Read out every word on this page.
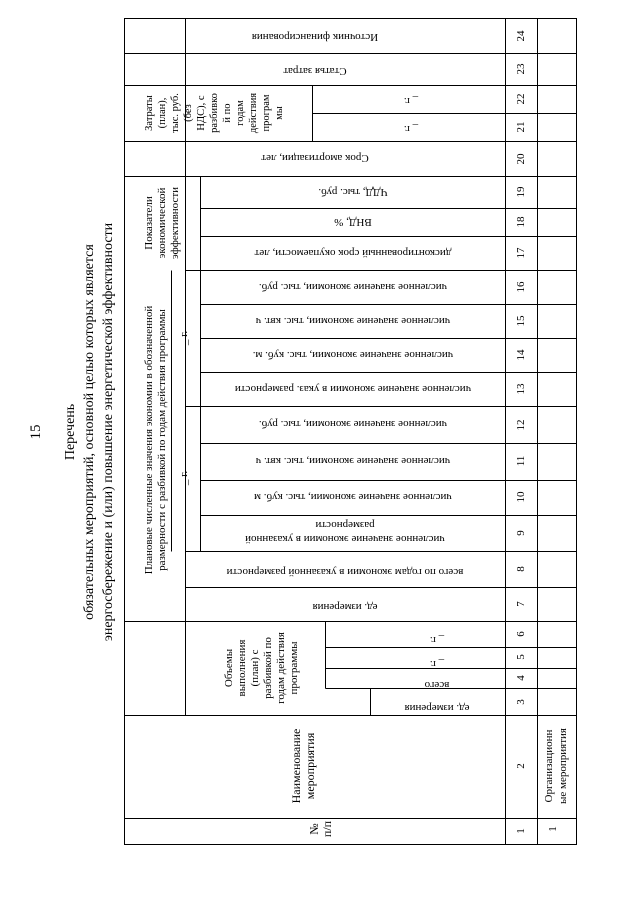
15 Перечень обязательных мероприятий, основной целью которых является энергосбережение и (или) повышение энергетической эффективности
№ п/п
Наименование мероприятия
Объемы выполнения (план) с разбивкой по годам действия программы
ед. измерения
всего
_ г.
_ г.
Плановые численные значения экономии в обозначенной размерности с разбивкой по годам действия программы
ед. измерения
всего по годам экономии в указанной размерности
_ г.
_ г.
численное значение экономии в указанной
размерности
численное значение экономии, тыс. куб. м
численное значение экономии, тыс. квт. ч
численное значение экономии, тыс. руб.
численное значение экономии в указ. размерности
численное значение экономии, тыс. куб. м.
численное значение экономии, тыс. квт. ч
численное значение экономии, тыс. руб.
Показатели экономической эффективности	дисконтированный срок окупаемости, лет
ВНД, %
ЧДД, тыс. руб.
Срок амортизации, лет
Затраты (план), тыс. руб. (без НДС), с разбивко й по годам действия програм мы
_ г.
_ г.
Статья затрат
Источник финансирования
1
2
3
4
5
6
7
8
9
10
11
12
13
14
15
16
17
18
19
20
21
22
23
24
1
Организационн ые мероприятия
